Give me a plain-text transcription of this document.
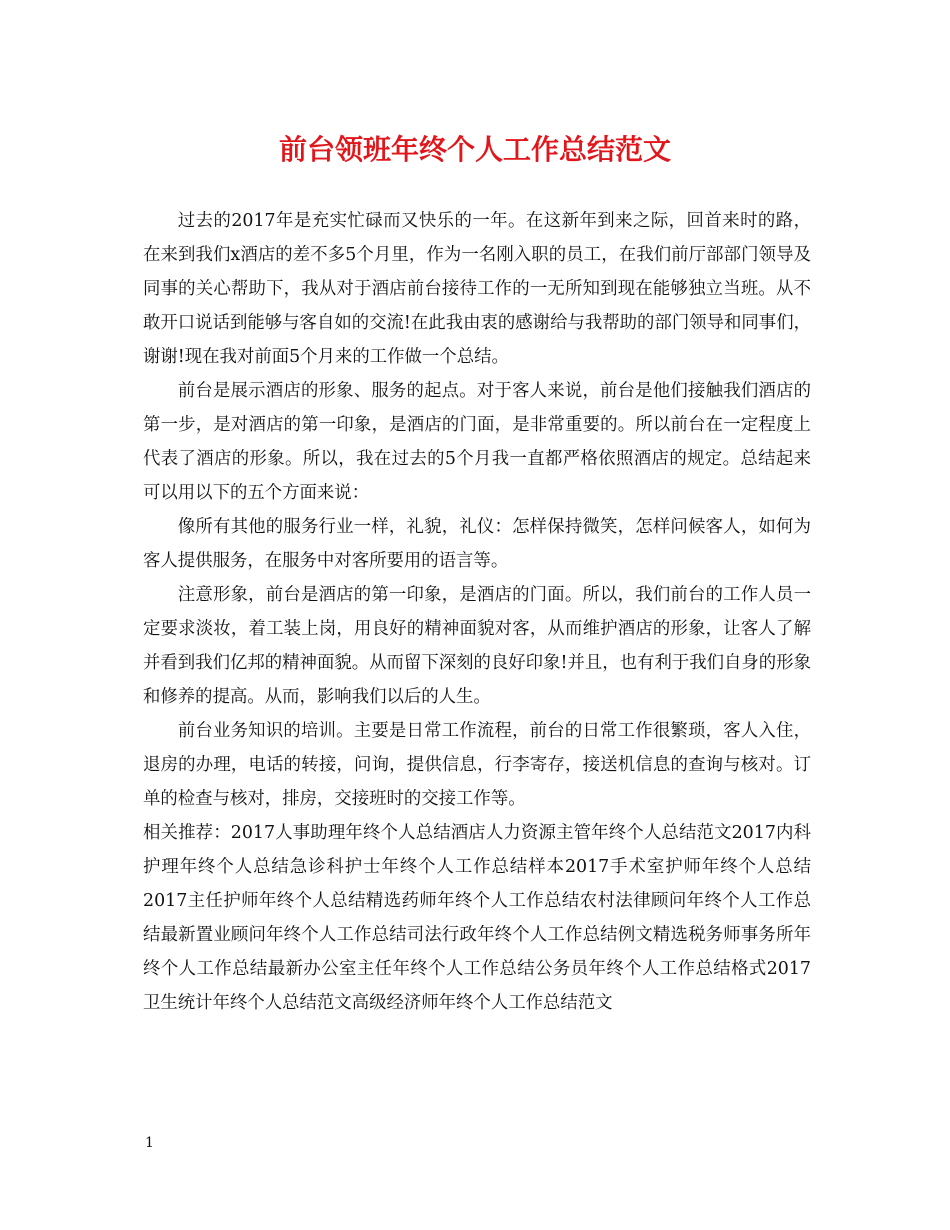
前台领班年终个人工作总结范文

过去的2017年是充实忙碌而又快乐的一年。在这新年到来之际，回首来时的路，在来到我们x酒店的差不多5个月里，作为一名刚入职的员工，在我们前厅部部门领导及同事的关心帮助下，我从对于酒店前台接待工作的一无所知到现在能够独立当班。从不敢开口说话到能够与客自如的交流!在此我由衷的感谢给与我帮助的部门领导和同事们，谢谢!现在我对前面5个月来的工作做一个总结。

前台是展示酒店的形象、服务的起点。对于客人来说，前台是他们接触我们酒店的第一步，是对酒店的第一印象，是酒店的门面，是非常重要的。所以前台在一定程度上代表了酒店的形象。所以，我在过去的5个月我一直都严格依照酒店的规定。总结起来可以用以下的五个方面来说：

像所有其他的服务行业一样，礼貌，礼仪：怎样保持微笑，怎样问候客人，如何为客人提供服务，在服务中对客所要用的语言等。

注意形象，前台是酒店的第一印象，是酒店的门面。所以，我们前台的工作人员一定要求淡妆，着工装上岗，用良好的精神面貌对客，从而维护酒店的形象，让客人了解并看到我们亿邦的精神面貌。从而留下深刻的良好印象!并且，也有利于我们自身的形象和修养的提高。从而，影响我们以后的人生。

前台业务知识的培训。主要是日常工作流程，前台的日常工作很繁琐，客人入住，退房的办理，电话的转接，问询，提供信息，行李寄存，接送机信息的查询与核对。订单的检查与核对，排房，交接班时的交接工作等。

相关推荐：2017人事助理年终个人总结酒店人力资源主管年终个人总结范文2017内科护理年终个人总结急诊科护士年终个人工作总结样本2017手术室护师年终个人总结2017主任护师年终个人总结精选药师年终个人工作总结农村法律顾问年终个人工作总结最新置业顾问年终个人工作总结司法行政年终个人工作总结例文精选税务师事务所年终个人工作总结最新办公室主任年终个人工作总结公务员年终个人工作总结格式2017卫生统计年终个人总结范文高级经济师年终个人工作总结范文

1
